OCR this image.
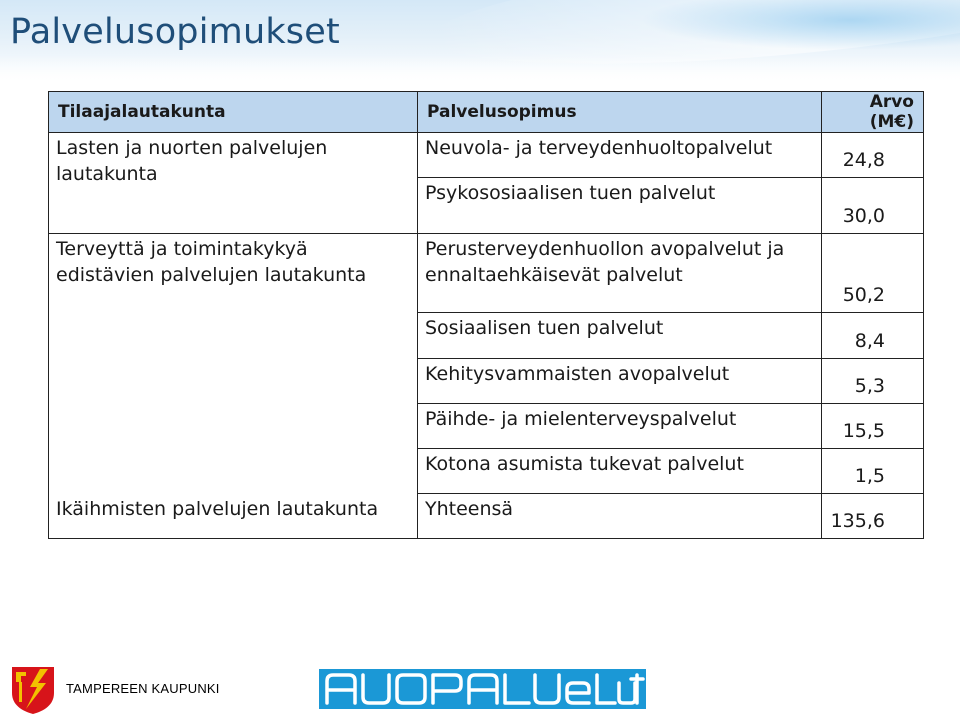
Palvelusopimukset
Tilaajalautakunta	Palvelusopimus	Arvo (M€)
Lasten ja nuorten palvelujen lautakunta	Neuvola- ja terveydenhuoltopalvelut	24,8
	Psykososiaalisen tuen palvelut	30,0
Terveyttä ja toimintakykyä edistävien palvelujen lautakunta	Perusterveydenhuollon avopalvelut ja ennaltaehkäisevät palvelut	50,2
	Sosiaalisen tuen palvelut	8,4
	Kehitysvammaisten avopalvelut	5,3
	Päihde- ja mielenterveyspalvelut	15,5
	Kotona asumista tukevat palvelut	1,5
Ikäihmisten palvelujen lautakunta	Yhteensä	135,6
TAMPEREEN KAUPUNKI
